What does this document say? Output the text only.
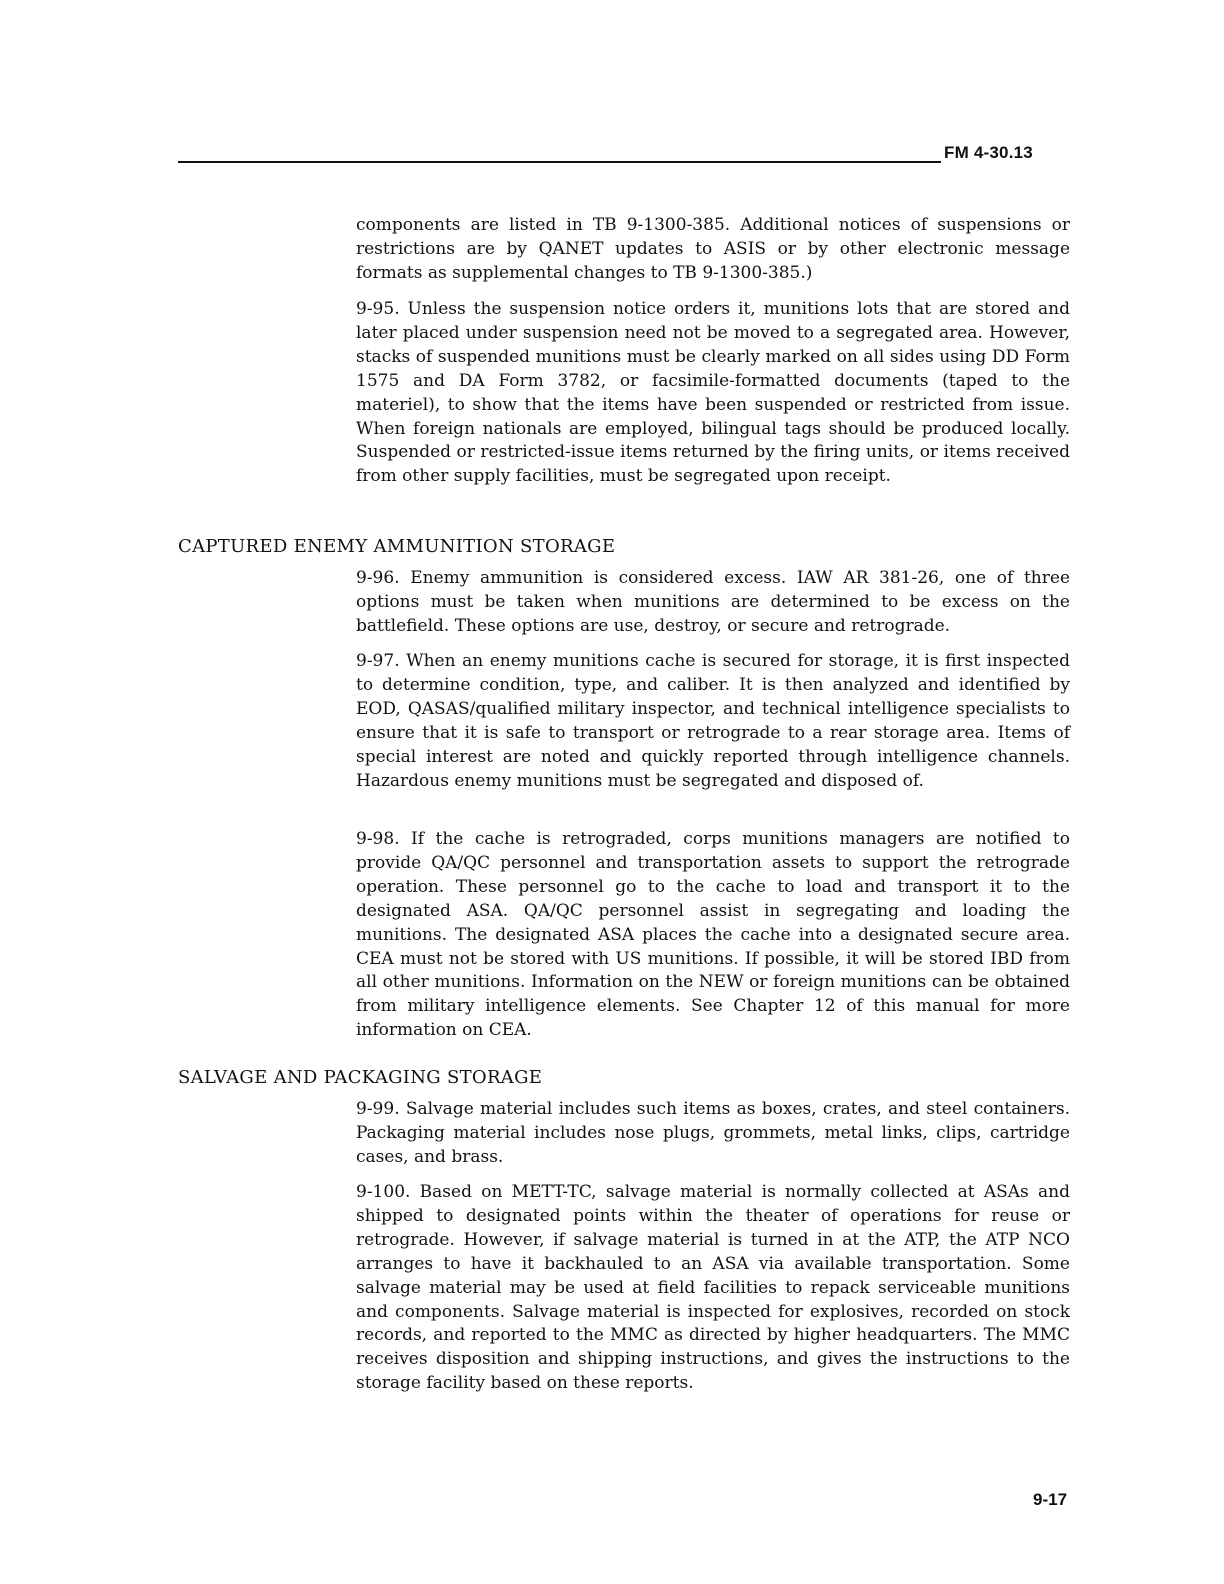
FM 4-30.13

components are listed in TB 9-1300-385. Additional notices of suspensions or restrictions are by QANET updates to ASIS or by other electronic message formats as supplemental changes to TB 9-1300-385.)

9-95. Unless the suspension notice orders it, munitions lots that are stored and later placed under suspension need not be moved to a segregated area. However, stacks of suspended munitions must be clearly marked on all sides using DD Form 1575 and DA Form 3782, or facsimile-formatted documents (taped to the materiel), to show that the items have been suspended or restricted from issue. When foreign nationals are employed, bilingual tags should be produced locally. Suspended or restricted-issue items returned by the firing units, or items received from other supply facilities, must be segregated upon receipt.

CAPTURED ENEMY AMMUNITION STORAGE

9-96. Enemy ammunition is considered excess. IAW AR 381-26, one of three options must be taken when munitions are determined to be excess on the battlefield. These options are use, destroy, or secure and retrograde.

9-97. When an enemy munitions cache is secured for storage, it is first inspected to determine condition, type, and caliber. It is then analyzed and identified by EOD, QASAS/qualified military inspector, and technical intelligence specialists to ensure that it is safe to transport or retrograde to a rear storage area. Items of special interest are noted and quickly reported through intelligence channels. Hazardous enemy munitions must be segregated and disposed of.

9-98. If the cache is retrograded, corps munitions managers are notified to provide QA/QC personnel and transportation assets to support the retrograde operation. These personnel go to the cache to load and transport it to the designated ASA. QA/QC personnel assist in segregating and loading the munitions. The designated ASA places the cache into a designated secure area. CEA must not be stored with US munitions. If possible, it will be stored IBD from all other munitions. Information on the NEW or foreign munitions can be obtained from military intelligence elements. See Chapter 12 of this manual for more information on CEA.

SALVAGE AND PACKAGING STORAGE

9-99. Salvage material includes such items as boxes, crates, and steel containers. Packaging material includes nose plugs, grommets, metal links, clips, cartridge cases, and brass.

9-100. Based on METT-TC, salvage material is normally collected at ASAs and shipped to designated points within the theater of operations for reuse or retrograde. However, if salvage material is turned in at the ATP, the ATP NCO arranges to have it backhauled to an ASA via available transportation. Some salvage material may be used at field facilities to repack serviceable munitions and components. Salvage material is inspected for explosives, recorded on stock records, and reported to the MMC as directed by higher headquarters. The MMC receives disposition and shipping instructions, and gives the instructions to the storage facility based on these reports.

9-17
